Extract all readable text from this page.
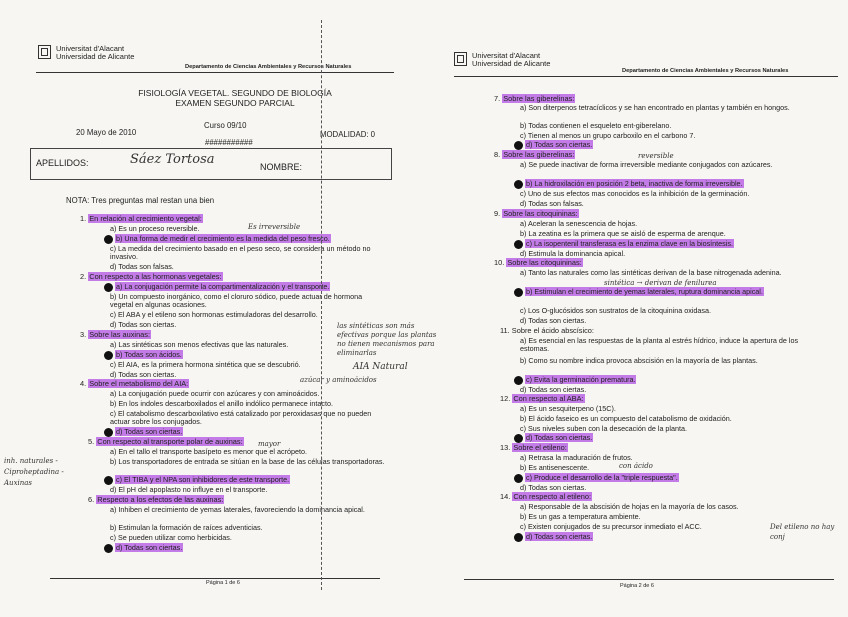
Universitat d'Alacant
Universidad de Alicante
Departamento de Ciencias Ambientales y Recursos Naturales
FISIOLOGÍA VEGETAL. SEGUNDO DE BIOLOGÍA
EXAMEN SEGUNDO PARCIAL
Curso 09/10
20 Mayo de 2010	MODALIDAD: 0
###########
APELLIDOS:	Sáez Tortosa	NOMBRE:
NOTA: Tres preguntas mal restan una bien
1. En relación al crecimiento vegetal:
a) Es un proceso reversible.
b) Una forma de medir el crecimiento es la medida del peso fresco.
c) La medida del crecimiento basado en el peso seco, se considera un método no invasivo.
d) Todas son falsas.
Es irreversible
2. Con respecto a las hormonas vegetales:
a) La conjugación permite la compartimentalización y el transporte.
b) Un compuesto inorgánico, como el cloruro sódico, puede actuar de hormona vegetal en algunas ocasiones.
c) El ABA y el etileno son hormonas estimuladoras del desarrollo.
d) Todas son ciertas.
3. Sobre las auxinas:
a) Las sintéticas son menos efectivas que las naturales.
b) Todas son ácidos.
c) El AIA, es la primera hormona sintética que se descubrió.
d) Todas son ciertas.
las sintéticas son más efectivas porque las plantas no tienen mecanismos para eliminarlas
AIA Natural
4. Sobre el metabolismo del AIA:
a) La conjugación puede ocurrir con azúcares y con aminoácidos.
b) En los indoles descarboxilados el anillo indólico permanece intacto.
c) El catabolismo descarboxilativo está catalizado por peroxidasas que no pueden actuar sobre los conjugados.
d) Todas son ciertas.
azúcar y aminoácidos
5. Con respecto al transporte polar de auxinas:
a) En el tallo el transporte basípeto es menor que el acrópeto.
b) Los transportadores de entrada se sitúan en la base de las células transportadoras.
c) El TIBA y el NPA son inhibidores de este transporte.
d) El pH del apoplasto no influye en el transporte.
inh. naturales - Ciproheptadina - Auxinas
mayor
6. Respecto a los efectos de las auxinas:
a) Inhiben el crecimiento de yemas laterales, favoreciendo la dominancia apical.
b) Estimulan la formación de raíces adventicias.
c) Se pueden utilizar como herbicidas.
d) Todas son ciertas.
Página 1 de 6
Universitat d'Alacant
Universidad de Alicante
Departamento de Ciencias Ambientales y Recursos Naturales
7. Sobre las giberelinas:
a) Son diterpenos tetracíclicos y se han encontrado en plantas y también en hongos.
b) Todas contienen el esqueleto ent-giberelano.
c) Tienen al menos un grupo carboxilo en el carbono 7.
d) Todas son ciertas.
8. Sobre las giberelinas:
a) Se puede inactivar de forma irreversible mediante conjugados con azúcares.
b) La hidroxilación en posición 2 beta, inactiva de forma irreversible.
c) Uno de sus efectos mas conocidos es la inhibición de la germinación.
d) Todas son falsas.
reversible
9. Sobre las citoquininas:
a) Aceleran la senescencia de hojas.
b) La zeatina es la primera que se aisló de esperma de arenque.
c) La isopentenil transferasa es la enzima clave en la biosíntesis.
d) Estimula la dominancia apical.
10. Sobre las citoquininas:
a) Tanto las naturales como las sintéticas derivan de la base nitrogenada adenina.
b) Estimulan el crecimiento de yemas laterales, ruptura dominancia apical.
c) Los O-glucósidos son sustratos de la citoquinina oxidasa.
d) Todas son ciertas.
sintética → derivan de fenilurea
11. Sobre el ácido abscísico:
a) Es esencial en las respuestas de la planta al estrés hídrico, induce la apertura de los estomas.
b) Como su nombre indica provoca abscisión en la mayoría de las plantas.
c) Evita la germinación prematura.
d) Todas son ciertas.
12. Con respecto al ABA:
a) Es un sesquiterpeno (15C).
b) El ácido faseico es un compuesto del catabolismo de oxidación.
c) Sus niveles suben con la desecación de la planta.
d) Todas son ciertas.
13. Sobre el etileno:
a) Retrasa la maduración de frutos.
b) Es antisenescente.
c) Produce el desarrollo de la "triple respuesta".
d) Todas son ciertas.
con ácido
14. Con respecto al etileno:
a) Responsable de la abscisión de hojas en la mayoría de los casos.
b) Es un gas a temperatura ambiente.
c) Existen conjugados de su precursor inmediato el ACC.
d) Todas son ciertas.
Del etileno no hay conj
Página 2 de 6
